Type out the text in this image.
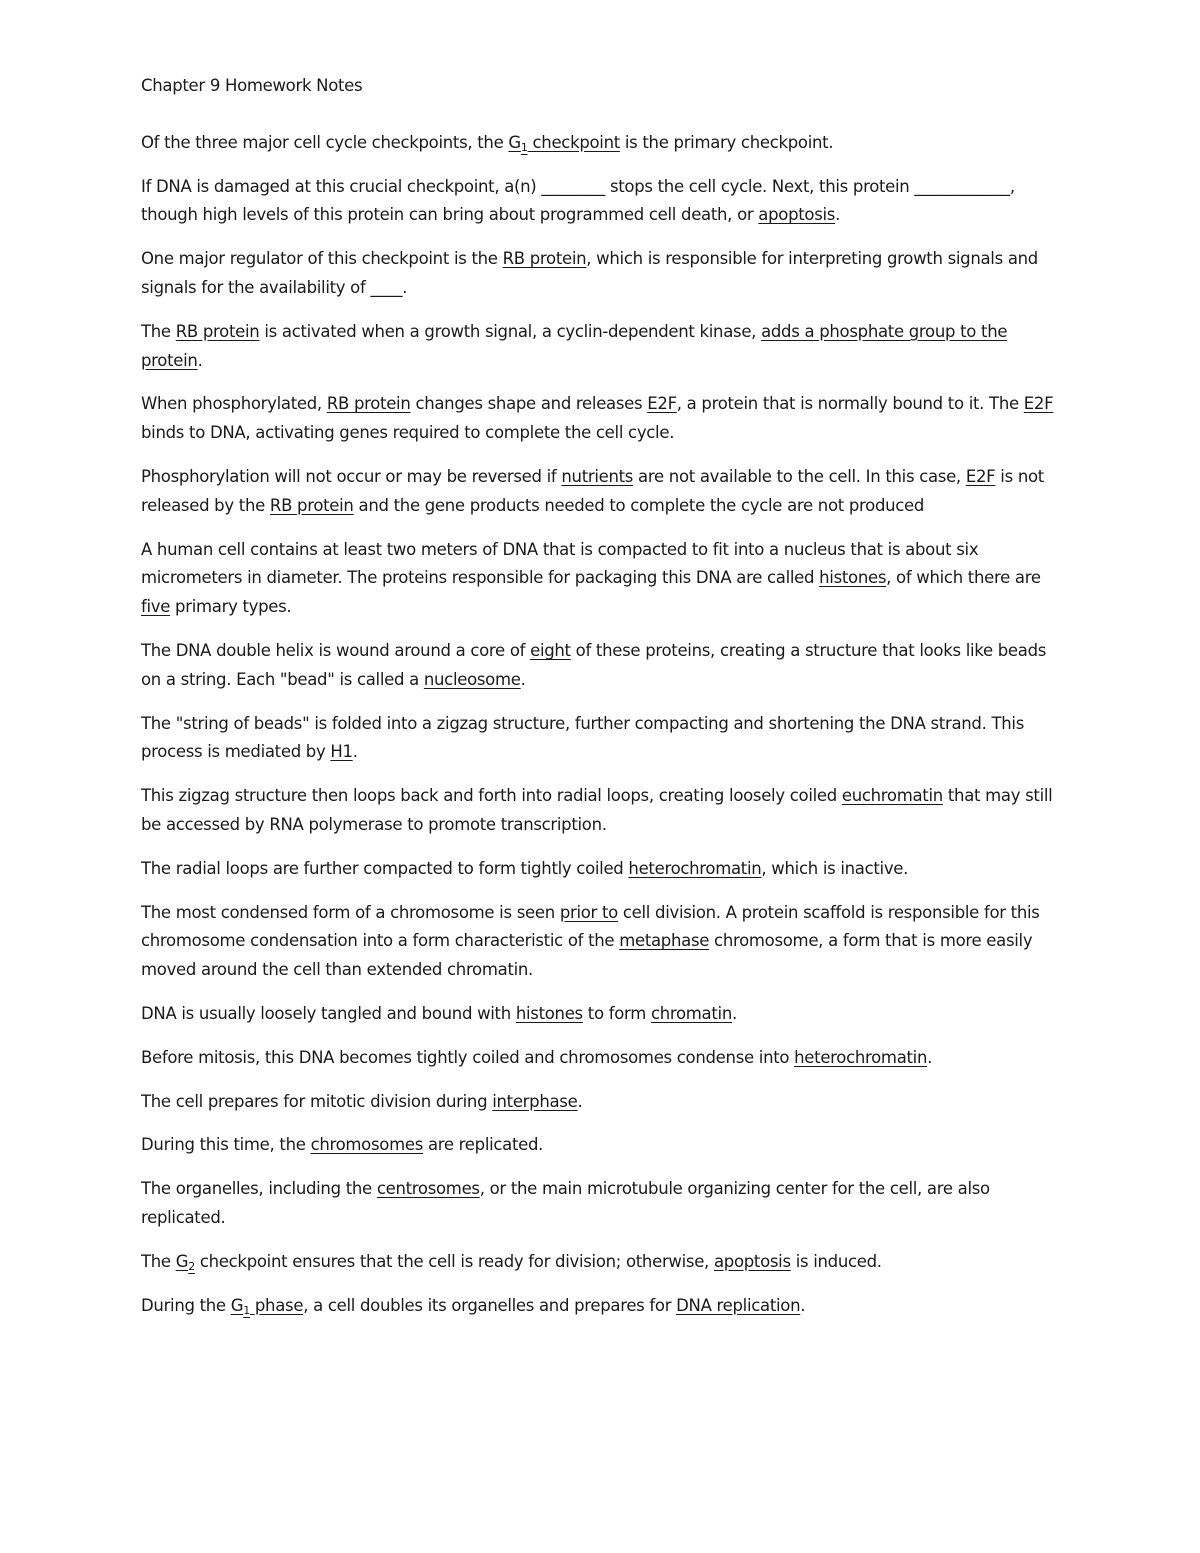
Chapter 9 Homework Notes

Of the three major cell cycle checkpoints, the $G_1$ checkpoint is the primary checkpoint.

If DNA is damaged at this crucial checkpoint, a(n) ________ stops the cell cycle. Next, this protein ____________, though high levels of this protein can bring about programmed cell death, or apoptosis.

One major regulator of this checkpoint is the RB protein, which is responsible for interpreting growth signals and signals for the availability of ____.

The RB protein is activated when a growth signal, a cyclin-dependent kinase, adds a phosphate group to the protein.

When phosphorylated, RB protein changes shape and releases E2F, a protein that is normally bound to it. The E2F binds to DNA, activating genes required to complete the cell cycle.

Phosphorylation will not occur or may be reversed if nutrients are not available to the cell. In this case, E2F is not released by the RB protein and the gene products needed to complete the cycle are not produced

A human cell contains at least two meters of DNA that is compacted to fit into a nucleus that is about six micrometers in diameter. The proteins responsible for packaging this DNA are called histones, of which there are five primary types.

The DNA double helix is wound around a core of eight of these proteins, creating a structure that looks like beads on a string. Each "bead" is called a nucleosome.

The "string of beads" is folded into a zigzag structure, further compacting and shortening the DNA strand. This process is mediated by H1.

This zigzag structure then loops back and forth into radial loops, creating loosely coiled euchromatin that may still be accessed by RNA polymerase to promote transcription.

The radial loops are further compacted to form tightly coiled heterochromatin, which is inactive.

The most condensed form of a chromosome is seen prior to cell division. A protein scaffold is responsible for this chromosome condensation into a form characteristic of the metaphase chromosome, a form that is more easily moved around the cell than extended chromatin.

DNA is usually loosely tangled and bound with histones to form chromatin.

Before mitosis, this DNA becomes tightly coiled and chromosomes condense into heterochromatin.

The cell prepares for mitotic division during interphase.

During this time, the chromosomes are replicated.

The organelles, including the centrosomes, or the main microtubule organizing center for the cell, are also replicated.

The $G_2$ checkpoint ensures that the cell is ready for division; otherwise, apoptosis is induced.

During the $G_1$ phase, a cell doubles its organelles and prepares for DNA replication.
